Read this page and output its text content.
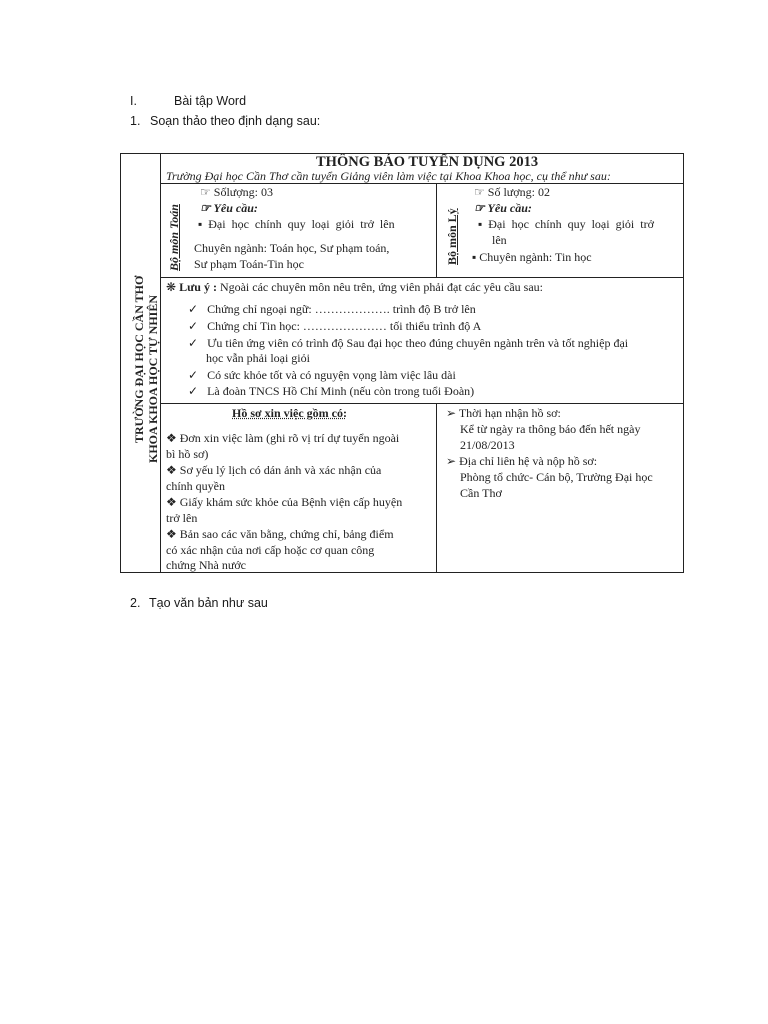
I.	Bài tập Word
1. Soạn thảo theo định dạng sau:
TRƯỜNG ĐẠI HỌC CẦN THƠ KHOA KHOA HỌC TỰ NHIÊN
THÔNG BÁO TUYỂN DỤNG 2013
Trường Đại học Cần Thơ cần tuyển Giảng viên làm việc tại Khoa Khoa học, cụ thể như sau:
Bộ môn Toán
☞ Sốlượng: 03
☞ Yêu cầu:
▪ Đại học chính quy loại giỏi trở lên
Chuyên ngành: Toán học, Sư phạm toán,
Sư phạm Toán-Tin học	Bộ môn Lý
☞ Số lượng: 02
☞ Yêu cầu:
▪ Đại học chính quy loại giỏi trở
lên
▪ Chuyên ngành: Tin học
❋ Lưu ý : Ngoài các chuyên môn nêu trên, ứng viên phải đạt các yêu cầu sau:
✓   Chứng chỉ ngoại ngữ: ………………. trình độ B trở lên
✓   Chứng chỉ Tin học: ………………… tối thiểu trình độ A
✓   Ưu tiên ứng viên có trình độ Sau đại học theo đúng chuyên ngành trên và tốt nghiệp đại
học vẫn phải loại giỏi
✓   Có sức khỏe tốt và có nguyện vọng làm việc lâu dài
✓   Là đoàn TNCS Hồ Chí Minh (nếu còn trong tuổi Đoàn)
Hồ sơ xin việc gồm có:
❖ Đơn xin việc làm (ghi rõ vị trí dự tuyển ngoài
bì hồ sơ)
❖ Sơ yếu lý lịch có dán ảnh và xác nhận của
chính quyền
❖ Giấy khám sức khỏe của Bệnh viện cấp huyện
trở lên
❖ Bản sao các văn bằng, chứng chỉ, bảng điểm
có xác nhận của nơi cấp hoặc cơ quan công
chứng Nhà nước
➢ Thời hạn nhận hồ sơ:
Kể từ ngày ra thông báo đến hết ngày
21/08/2013
➢ Địa chỉ liên hệ và nộp hồ sơ:
Phòng tổ chức- Cán bộ, Trường Đại học
Cần Thơ
2. Tạo văn bản như sau
